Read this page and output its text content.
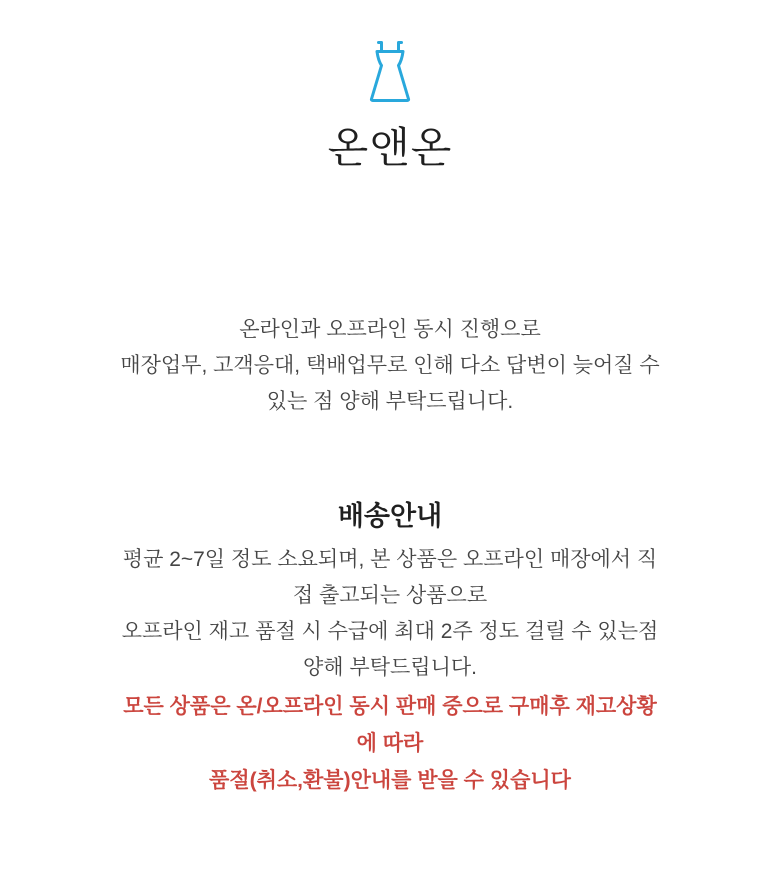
온앤온

온라인과 오프라인 동시 진행으로

매장업무, 고객응대, 택배업무로 인해 다소 답변이 늦어질 수

있는 점 양해 부탁드립니다.

배송안내

평균 2~7일 정도 소요되며, 본 상품은 오프라인 매장에서 직

접 출고되는 상품으로

오프라인 재고 품절 시 수급에 최대 2주 정도 걸릴 수 있는점

양해 부탁드립니다.

모든 상품은 온/오프라인 동시 판매 중으로 구매후 재고상황

에 따라

품절(취소,환불)안내를 받을 수 있습니다
